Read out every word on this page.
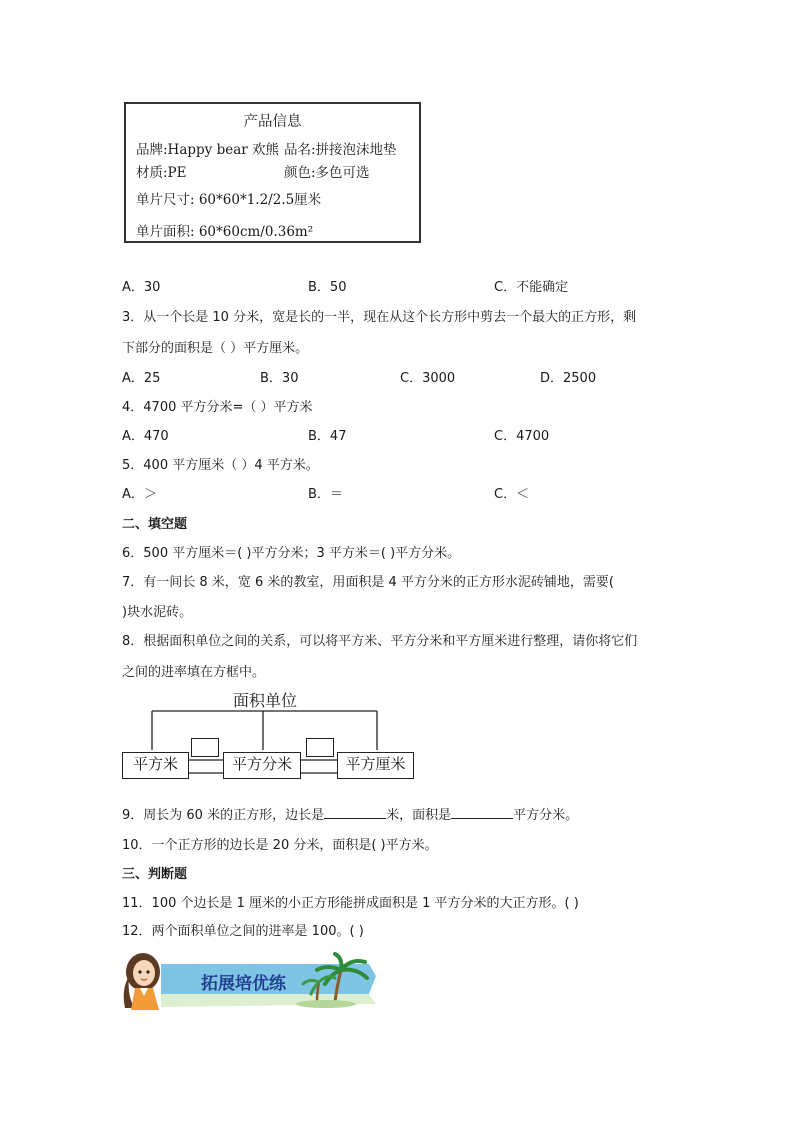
产品信息
品牌:Happy bear 欢熊 品名:拼接泡沫地垫
材质:PE	颜色:多色可选
单片尺寸: 60*60*1.2/2.5厘米
单片面积: 60*60cm/0.36m²
A．30	B．50	C．不能确定
3．从一个长是 10 分米，宽是长的一半，现在从这个长方形中剪去一个最大的正方形，剩
下部分的面积是（ ）平方厘米。
A．25	B．30	C．3000	D．2500
4．4700 平方分米=（ ）平方米
A．470	B．47	C．4700
5．400 平方厘米（ ）4 平方米。
A．＞	B．＝	C．＜
二、填空题
6．500 平方厘米＝( )平方分米；3 平方米＝( )平方分米。
7．有一间长 8 米，宽 6 米的教室，用面积是 4 平方分米的正方形水泥砖铺地，需要(
)块水泥砖。
8．根据面积单位之间的关系，可以将平方米、平方分米和平方厘米进行整理，请你将它们
之间的进率填在方框中。
面积单位
平方米	平方分米	平方厘米
9．周长为 60 米的正方形，边长是	米，面积是	平方分米。
10．一个正方形的边长是 20 分米，面积是( )平方米。
三、判断题
11．100 个边长是 1 厘米的小正方形能拼成面积是 1 平方分米的大正方形。( )
12．两个面积单位之间的进率是 100。( )
拓展培优练
